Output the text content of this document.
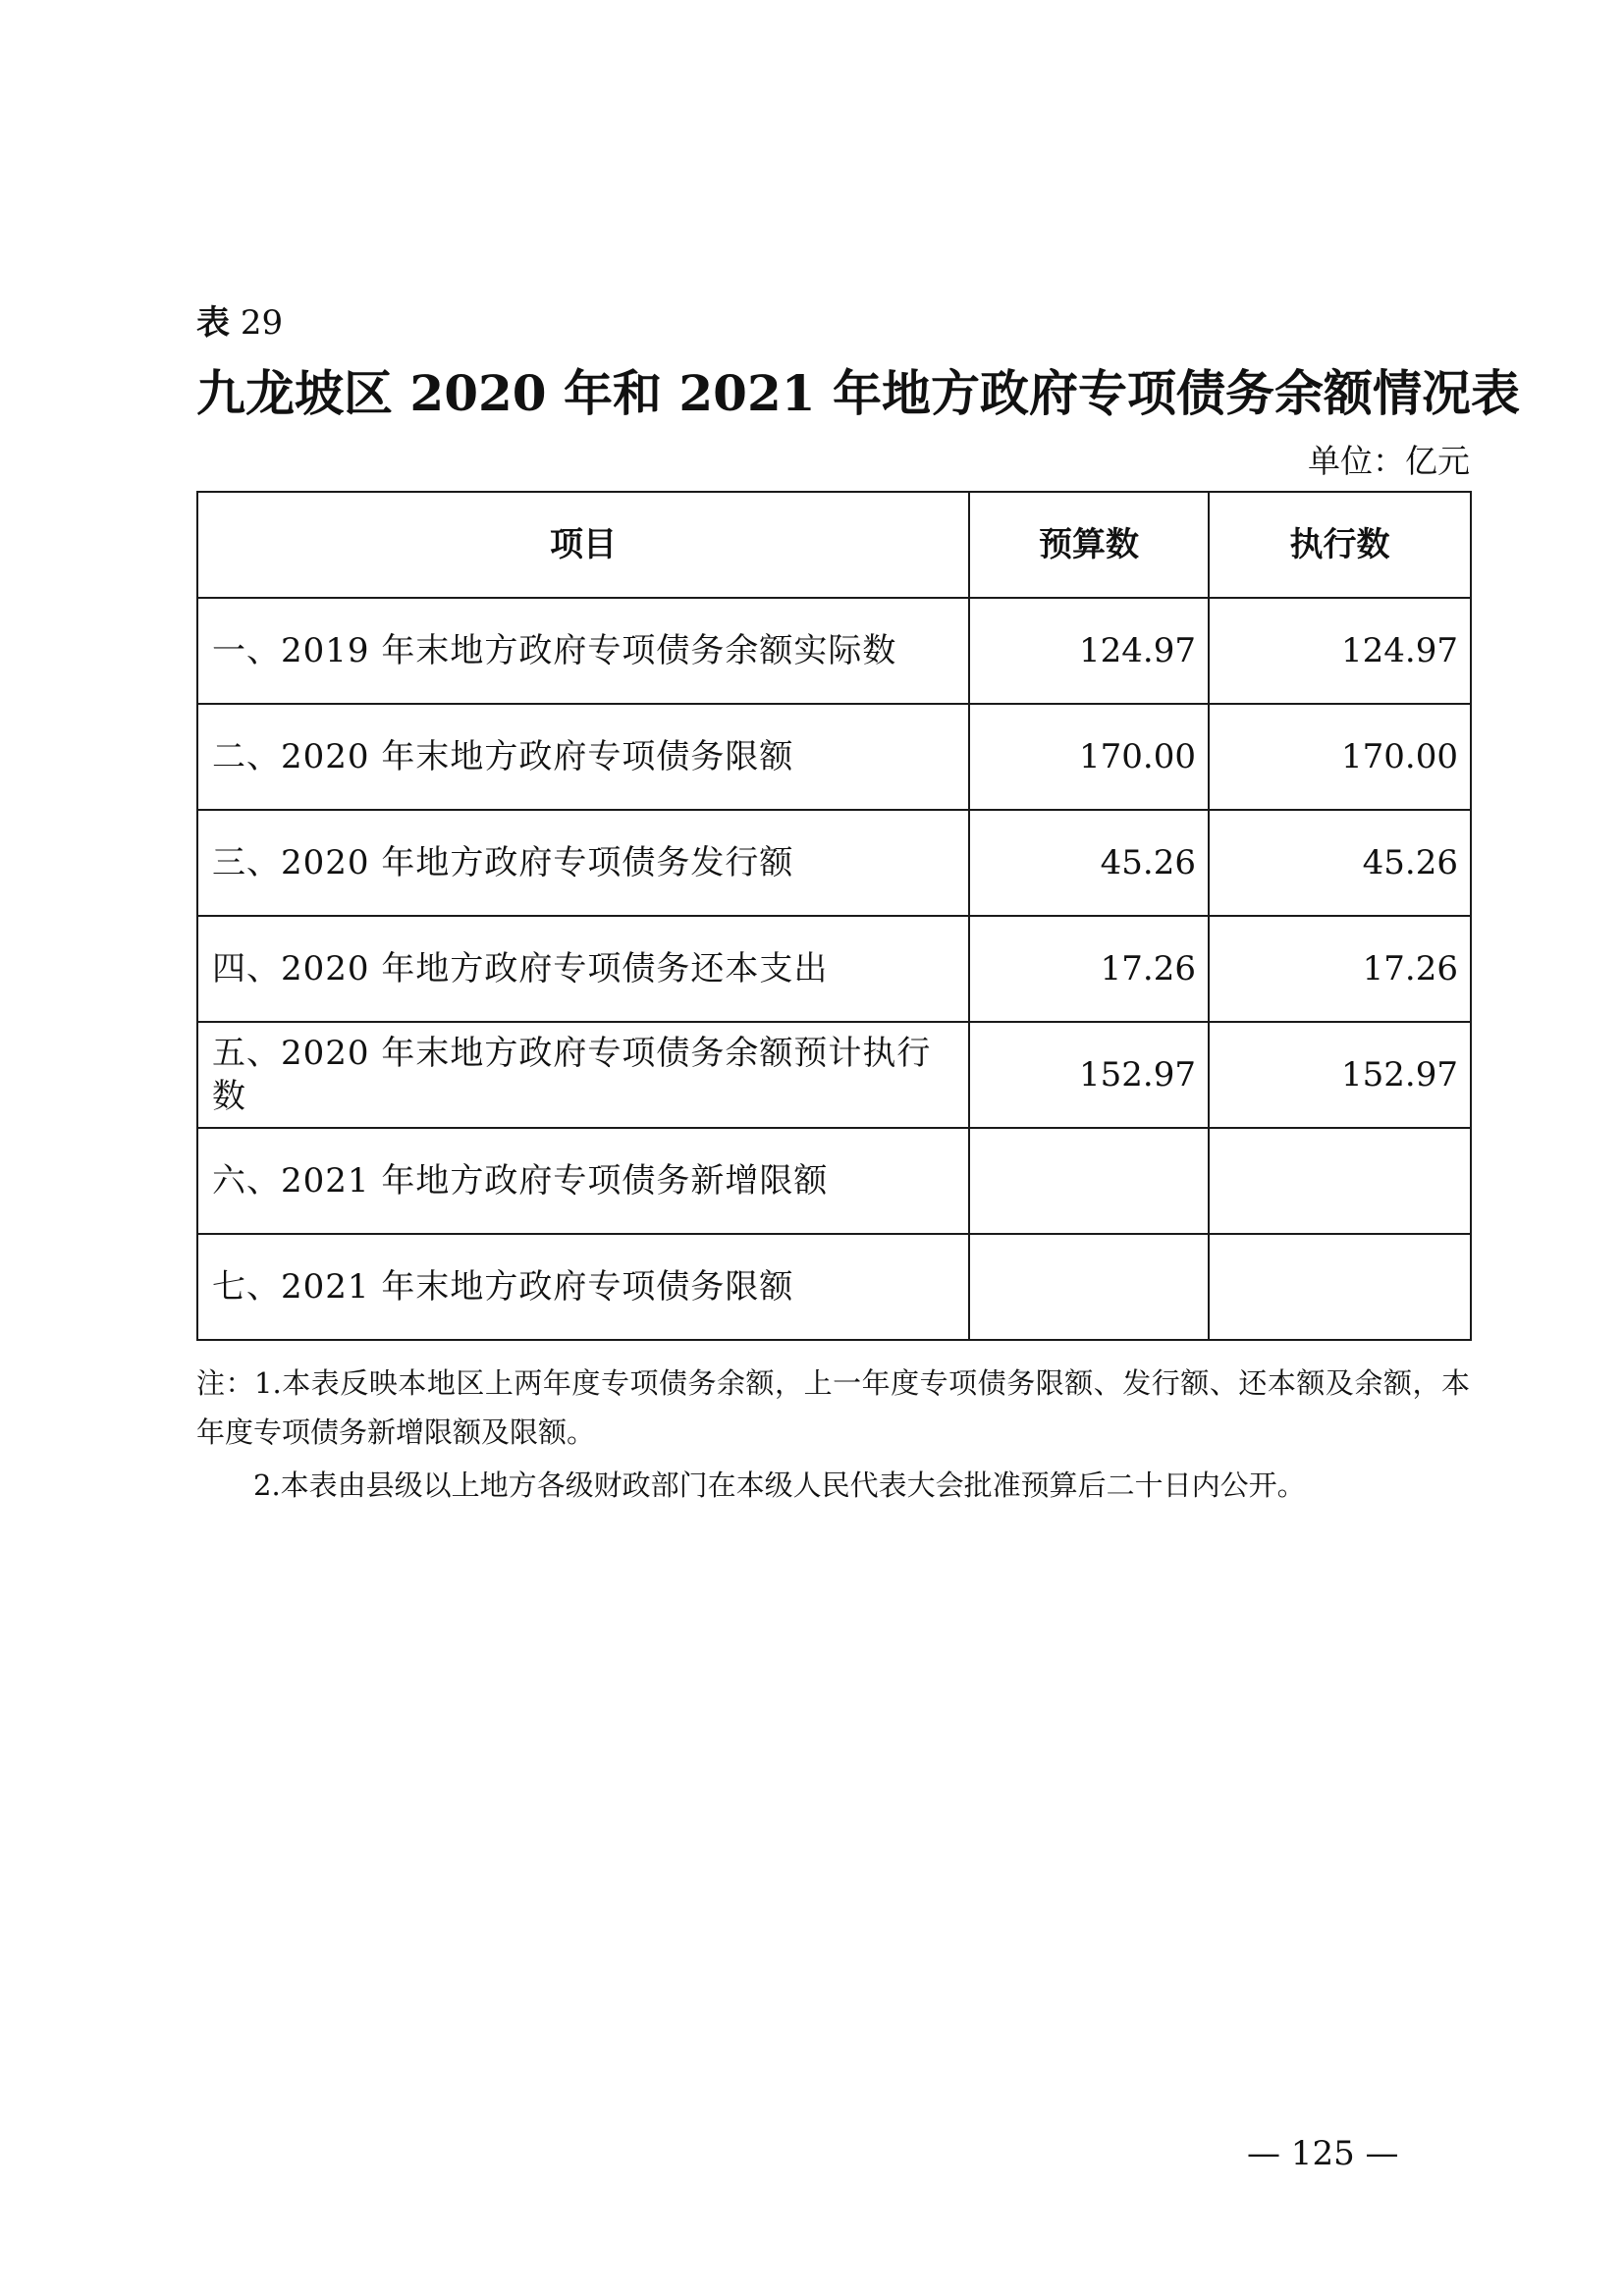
表 29
九龙坡区 2020 年和 2021 年地方政府专项债务余额情况表
单位：亿元
项目	预算数	执行数
一、2019 年末地方政府专项债务余额实际数	124.97	124.97
二、2020 年末地方政府专项债务限额	170.00	170.00
三、2020 年地方政府专项债务发行额	45.26	45.26
四、2020 年地方政府专项债务还本支出	17.26	17.26
五、2020 年末地方政府专项债务余额预计执行数	152.97	152.97
六、2021 年地方政府专项债务新增限额		
七、2021 年末地方政府专项债务限额		

注：1.本表反映本地区上两年度专项债务余额，上一年度专项债务限额、发行额、还本额及余额，本年度专项债务新增限额及限额。

2.本表由县级以上地方各级财政部门在本级人民代表大会批准预算后二十日内公开。

— 125 —
